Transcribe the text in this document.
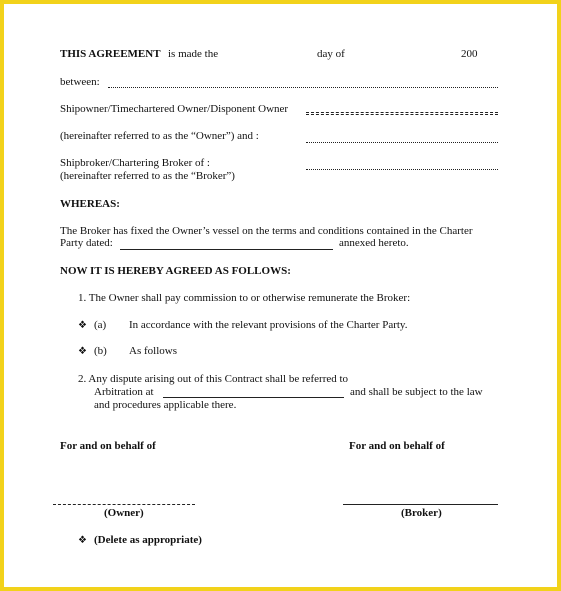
THIS AGREEMENT is made the	day of	200
between:
Shipowner/Timechartered Owner/Disponent Owner
(hereinafter referred to as the “Owner”) and :
Shipbroker/Chartering Broker of :
(hereinafter referred to as the “Broker”)
WHEREAS:
The Broker has fixed the Owner’s vessel on the terms and conditions contained in the Charter
Party dated:	annexed hereto.
NOW IT IS HEREBY AGREED AS FOLLOWS:
1. The Owner shall pay commission to or otherwise remunerate the Broker:
❖ (a) In accordance with the relevant provisions of the Charter Party.
❖ (b) As follows
2. Any dispute arising out of this Contract shall be referred to
Arbitration at	and shall be subject to the law
and procedures applicable there.
For and on behalf of	For and on behalf of
(Owner)	(Broker)
❖ (Delete as appropriate)
